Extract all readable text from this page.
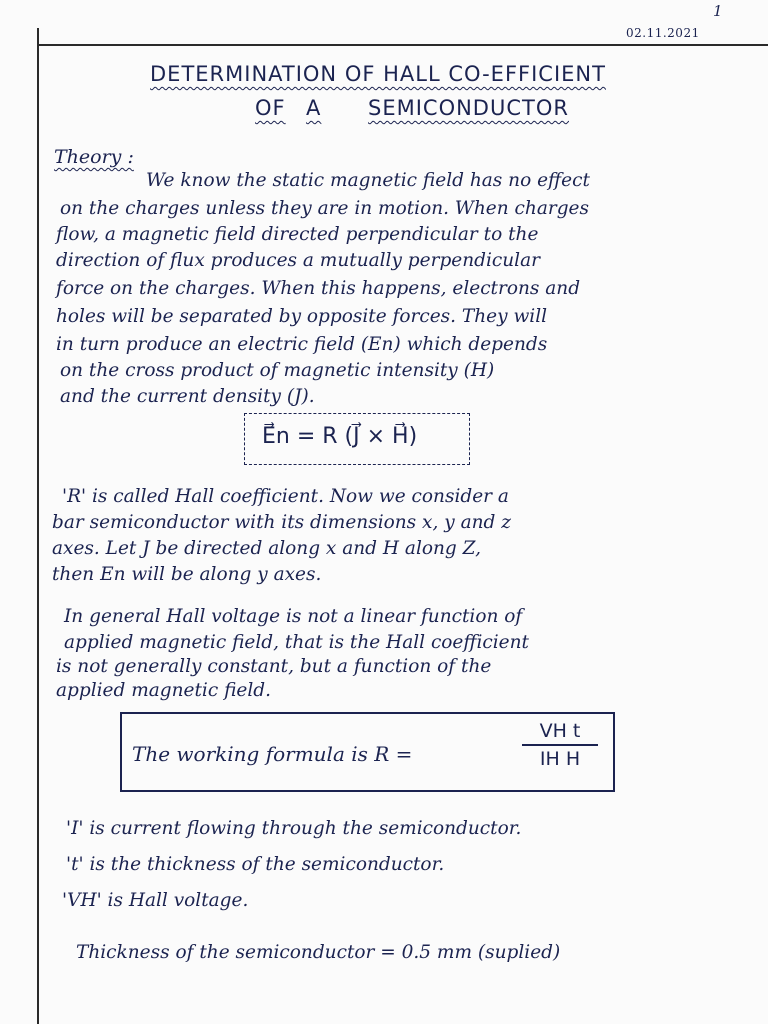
1
02.11.2021
DETERMINATION OF HALL CO-EFFICIENT
OF A SEMICONDUCTOR
Theory :
We know the static magnetic field has no effect
on the charges unless they are in motion. When charges
flow, a magnetic field directed perpendicular to the
direction of flux produces a mutually perpendicular
force on the charges. When this happens, electrons and
holes will be separated by opposite forces. They will
in turn produce an electric field (En) which depends
on the cross product of magnetic intensity (H)
and the current density (J).
E⃗n = R (J⃗ × H⃗)
'R' is called Hall coefficient. Now we consider a
bar semiconductor with its dimensions x, y and z
axes. Let J be directed along x and H along Z,
then En will be along y axes.
In general Hall voltage is not a linear function of
applied magnetic field, that is the Hall coefficient
is not generally constant, but a function of the
applied magnetic field.
The working formula is R =
VH t
IH H
'I' is current flowing through the semiconductor.
't' is the thickness of the semiconductor.
'VH' is Hall voltage.
Thickness of the semiconductor = 0.5 mm (suplied)
